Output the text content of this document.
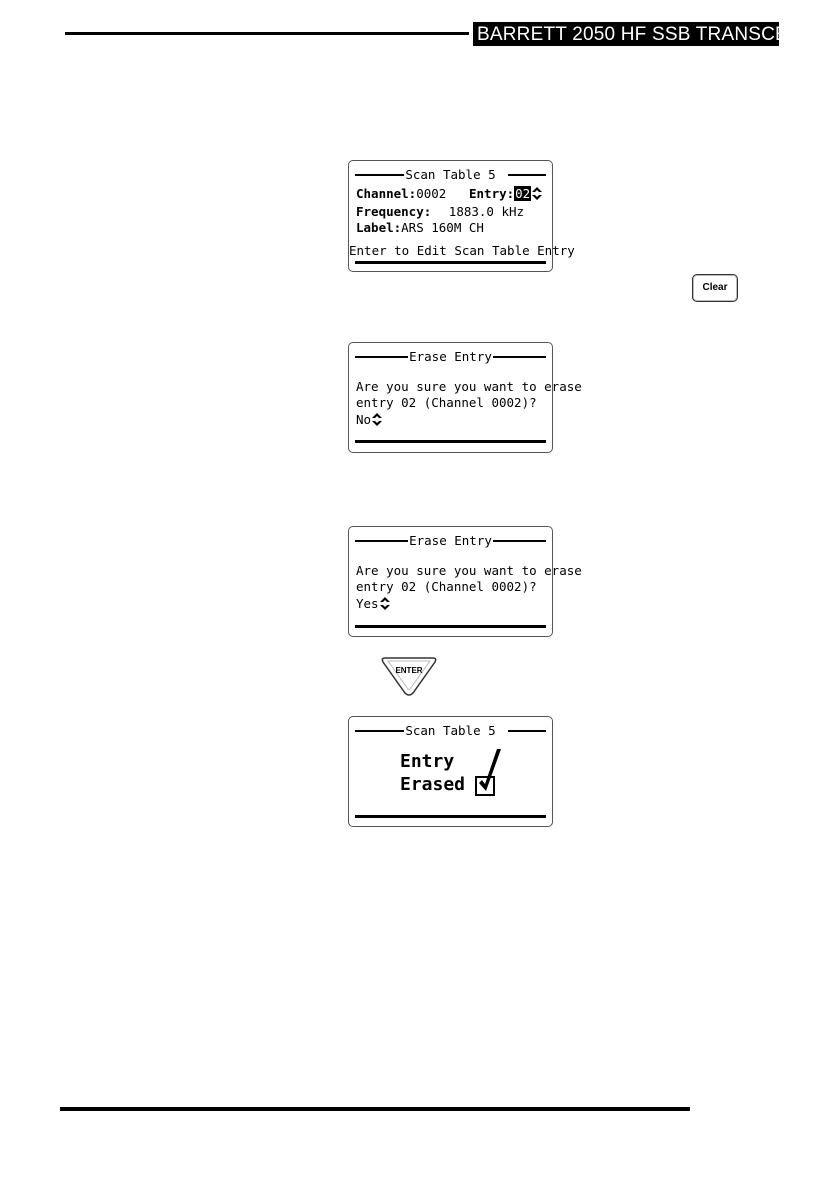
BARRETT 2050 HF SSB TRANSCEIVER
Scan Table 5
Channel:0002 Entry:02
Frequency: 1883.0 kHz
Label:ARS 160M CH
Enter to Edit Scan Table Entry
Clear
Erase Entry
Are you sure you want to erase
entry 02 (Channel 0002)?
No
Erase Entry
Are you sure you want to erase
entry 02 (Channel 0002)?
Yes
ENTER
Scan Table 5
Entry
Erased
